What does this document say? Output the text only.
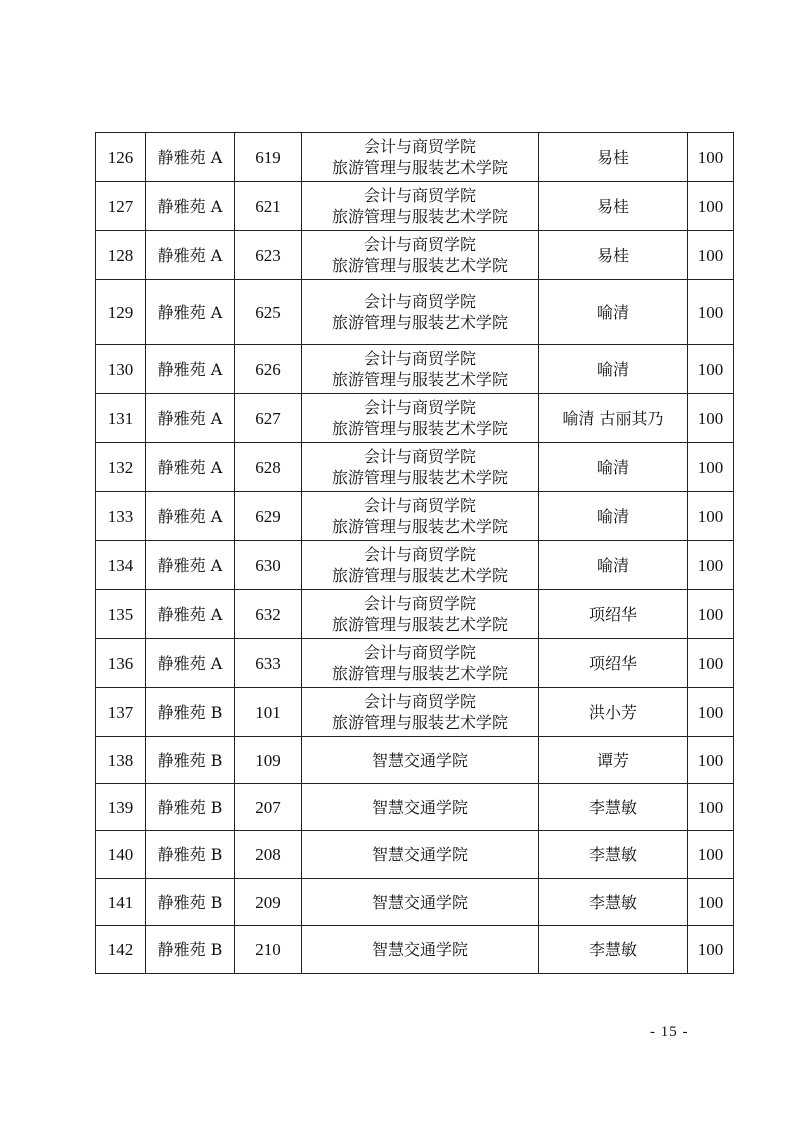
126	静雅苑 A	619	会计与商贸学院
旅游管理与服装艺术学院	易桂	100
127	静雅苑 A	621	会计与商贸学院
旅游管理与服装艺术学院	易桂	100
128	静雅苑 A	623	会计与商贸学院
旅游管理与服装艺术学院	易桂	100
129	静雅苑 A	625	会计与商贸学院
旅游管理与服装艺术学院	喻清	100
130	静雅苑 A	626	会计与商贸学院
旅游管理与服装艺术学院	喻清	100
131	静雅苑 A	627	会计与商贸学院
旅游管理与服装艺术学院	喻清 古丽其乃	100
132	静雅苑 A	628	会计与商贸学院
旅游管理与服装艺术学院	喻清	100
133	静雅苑 A	629	会计与商贸学院
旅游管理与服装艺术学院	喻清	100
134	静雅苑 A	630	会计与商贸学院
旅游管理与服装艺术学院	喻清	100
135	静雅苑 A	632	会计与商贸学院
旅游管理与服装艺术学院	项绍华	100
136	静雅苑 A	633	会计与商贸学院
旅游管理与服装艺术学院	项绍华	100
137	静雅苑 B	101	会计与商贸学院
旅游管理与服装艺术学院	洪小芳	100
138	静雅苑 B	109	智慧交通学院	谭芳	100
139	静雅苑 B	207	智慧交通学院	李慧敏	100
140	静雅苑 B	208	智慧交通学院	李慧敏	100
141	静雅苑 B	209	智慧交通学院	李慧敏	100
142	静雅苑 B	210	智慧交通学院	李慧敏	100
- 15 -
